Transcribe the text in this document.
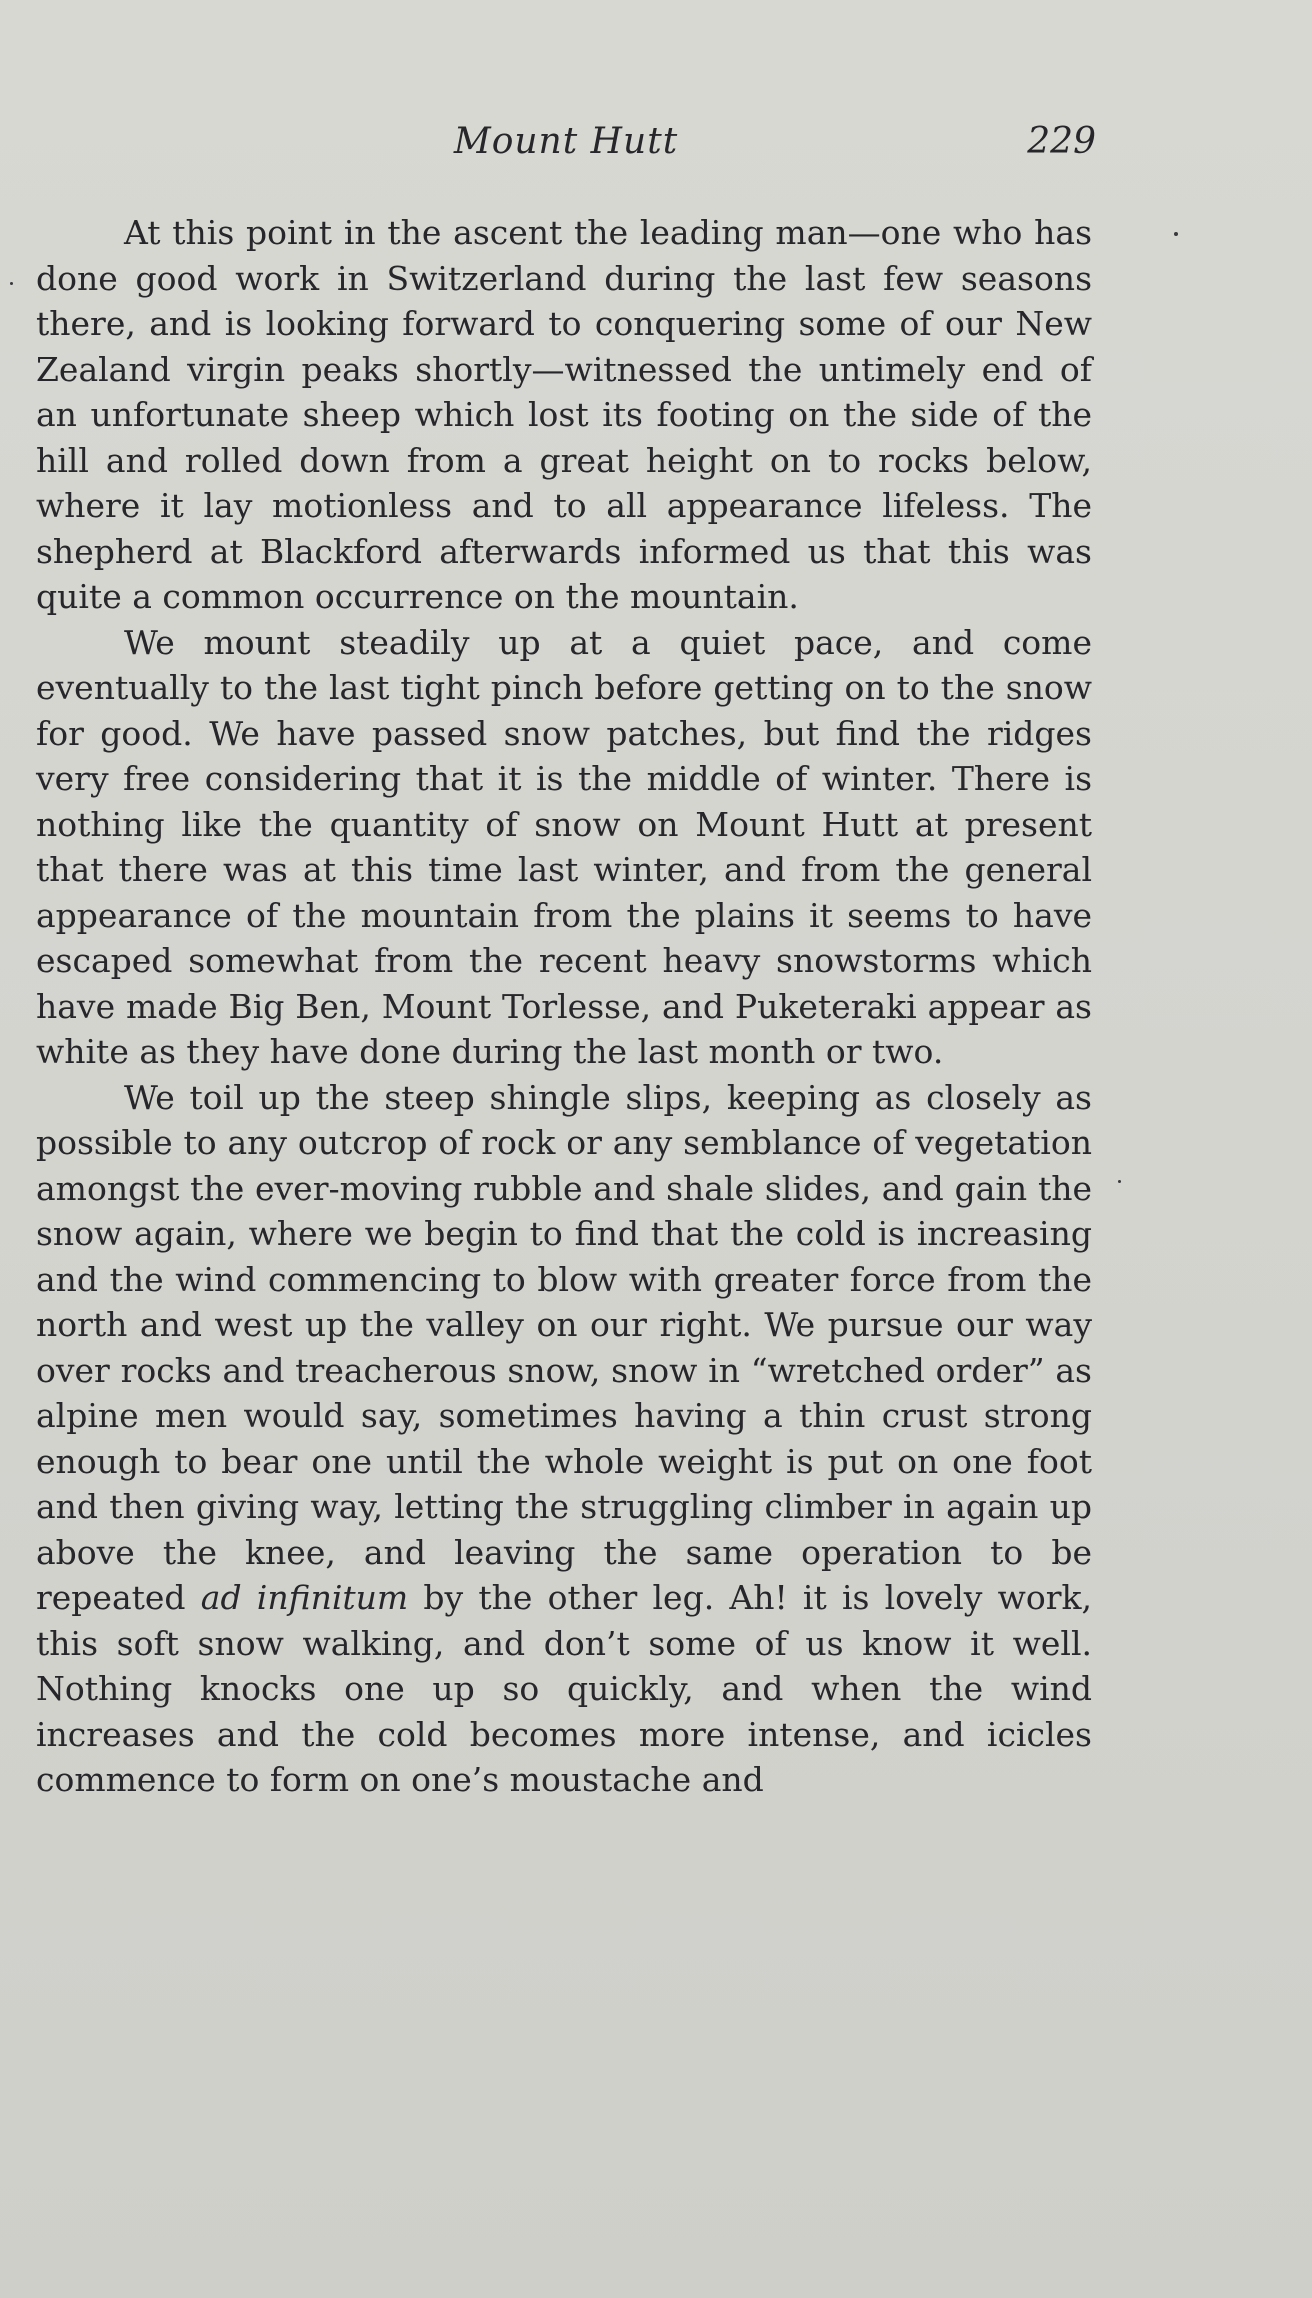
Mount Hutt	229

At this point in the ascent the leading man—one who has done good work in Switzerland during the last few seasons there, and is looking forward to conquering some of our New Zealand virgin peaks shortly—witnessed the untimely end of an unfortunate sheep which lost its footing on the side of the hill and rolled down from a great height on to rocks below, where it lay motionless and to all appearance lifeless. The shepherd at Blackford afterwards informed us that this was quite a common occurrence on the mountain.

We mount steadily up at a quiet pace, and come eventually to the last tight pinch before getting on to the snow for good. We have passed snow patches, but find the ridges very free considering that it is the middle of winter. There is nothing like the quantity of snow on Mount Hutt at present that there was at this time last winter, and from the general appearance of the mountain from the plains it seems to have escaped somewhat from the recent heavy snowstorms which have made Big Ben, Mount Torlesse, and Puketeraki appear as white as they have done during the last month or two.

We toil up the steep shingle slips, keeping as closely as possible to any outcrop of rock or any semblance of vegetation amongst the ever-moving rubble and shale slides, and gain the snow again, where we begin to find that the cold is increasing and the wind commencing to blow with greater force from the north and west up the valley on our right. We pursue our way over rocks and treacherous snow, snow in “wretched order” as alpine men would say, sometimes having a thin crust strong enough to bear one until the whole weight is put on one foot and then giving way, letting the struggling climber in again up above the knee, and leaving the same operation to be repeated ad infinitum by the other leg. Ah! it is lovely work, this soft snow walking, and don’t some of us know it well. Nothing knocks one up so quickly, and when the wind increases and the cold becomes more intense, and icicles commence to form on one’s moustache and
